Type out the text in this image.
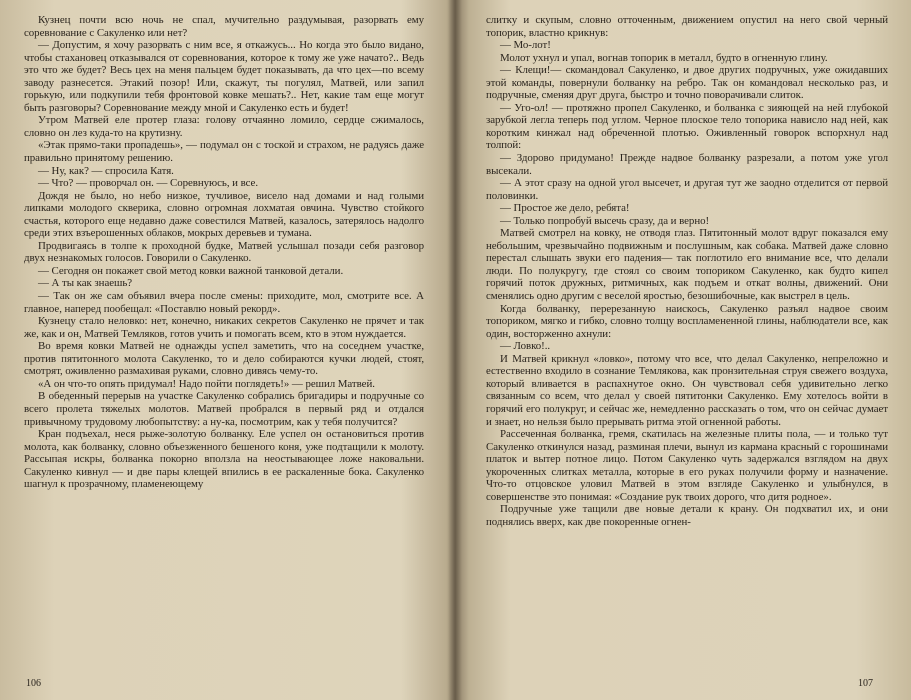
Кузнец почти всю ночь не спал, мучительно раздумывая, разорвать ему соревнование с Сакуленко или нет?

— Допустим, я хочу разорвать с ним все, я откажусь... Но когда это было видано, чтобы стахановец отказывался от соревнования, которое к тому же уже начато?.. Ведь это что же будет? Весь цех на меня пальцем будет показывать, да что цех—по всему заводу разнесется. Этакий позор! Или, скажут, ты погулял, Матвей, или запил горькую, или подкупили тебя фронтовой ковке мешать?.. Нет, какие там еще могут быть разговоры? Соревнование между мной и Сакуленко есть и будет!

Утром Матвей еле протер глаза: голову отчаянно ломило, сердце сжималось, словно он лез куда-то на крутизну.

«Этак прямо-таки пропадешь», — подумал он с тоской и страхом, не радуясь даже правильно принятому решению.

— Ну, как? — спросила Катя.

— Что? — проворчал он. — Соревнуюсь, и все.

Дождя не было, но небо низкое, тучливое, висело над домами и над голыми липками молодого скверика, словно огромная лохматая овчина. Чувство стойкого счастья, которого еще недавно даже совестился Матвей, казалось, затерялось надолго среди этих взъерошенных облаков, мокрых деревьев и тумана.

Продвигаясь в толпе к проходной будке, Матвей услышал позади себя разговор двух незнакомых голосов. Говорили о Сакуленко.

— Сегодня он покажет свой метод ковки важной танковой детали.

— А ты как знаешь?

— Так он же сам объявил вчера после смены: приходите, мол, смотрите все. А главное, наперед пообещал: «Поставлю новый рекорд».

Кузнецу стало неловко: нет, конечно, никаких секретов Сакуленко не прячет и так же, как и он, Матвей Темляков, готов учить и помогать всем, кто в этом нуждается.

Во время ковки Матвей не однажды успел заметить, что на соседнем участке, против пятитонного молота Сакуленко, то и дело собираются кучки людей, стоят, смотрят, оживленно размахивая руками, словно дивясь чему-то.

«А он что-то опять придумал! Надо пойти поглядеть!» — решил Матвей.

В обеденный перерыв на участке Сакуленко собрались бригадиры и подручные со всего пролета тяжелых молотов. Матвей пробрался в первый ряд и отдался привычному трудовому любопытству: а ну-ка, посмотрим, как у тебя получится?

Кран подъехал, неся рыже-золотую болванку. Еле успел он остановиться против молота, как болванку, словно объезженного бешеного коня, уже подтащили к молоту. Рассыпая искры, болванка покорно вползла на неостывающее ложе наковальни. Сакуленко кивнул — и две пары клещей впились в ее раскаленные бока. Сакуленко шагнул к прозрачному, пламенеющему

слитку и скупым, словно отточенным, движением опустил на него свой черный топорик, властно крикнув:

— Мо-лот!

Молот ухнул и упал, вогнав топорик в металл, будто в огненную глину.

— Клещи!— скомандовал Сакуленко, и двое других подручных, уже ожидавших этой команды, повернули болванку на ребро. Так он командовал несколько раз, и подручные, сменяя друг друга, быстро и точно поворачивали слиток.

— Уго-ол! — протяжно пропел Сакуленко, и болванка с зияющей на ней глубокой зарубкой легла теперь под углом. Черное плоское тело топорика нависло над ней, как коротким кинжал над обреченной плотью. Оживленный говорок вспорхнул над толпой:

— Здорово придумано! Прежде надвое болванку разрезали, а потом уже угол высекали.

— А этот сразу на одной угол высечет, и другая тут же заодно отделится от первой половинки.

— Простое же дело, ребята!

— Только попробуй высечь сразу, да и верно!

Матвей смотрел на ковку, не отводя глаз. Пятитонный молот вдруг показался ему небольшим, чрезвычайно подвижным и послушным, как собака. Матвей даже словно перестал слышать звуки его падения— так поглотило его внимание все, что делали люди. По полукругу, где стоял со своим топориком Сакуленко, как будто кипел горячий поток дружных, ритмичных, как подъем и откат волны, движений. Они сменялись одно другим с веселой яростью, безошибочные, как выстрел в цель.

Когда болванку, перерезанную наискось, Сакуленко разъял надвое своим топориком, мягко и гибко, словно толщу воспламененной глины, наблюдатели все, как один, восторженно ахнули:

— Ловко!..

И Матвей крикнул «ловко», потому что все, что делал Сакуленко, непреложно и естественно входило в сознание Темлякова, как пронзительная струя свежего воздуха, который вливается в распахнутое окно. Он чувствовал себя удивительно легко связанным со всем, что делал у своей пятитонки Сакуленко. Ему хотелось войти в горячий его полукруг, и сейчас же, немедленно рассказать о том, что он сейчас думает и знает, но нельзя было прерывать ритма этой огненной работы.

Рассеченная болванка, гремя, скатилась на железные плиты пола, — и только тут Сакуленко откинулся назад, разминая плечи, вынул из кармана красный с горошинами платок и вытер потное лицо. Потом Сакуленко чуть задержался взглядом на двух укороченных слитках металла, которые в его руках получили форму и назначение. Что-то отцовское уловил Матвей в этом взгляде Сакуленко и улыбнулся, в совершенстве это понимая: «Создание рук твоих дорого, что дитя родное».

Подручные уже тащили две новые детали к крану. Он подхватил их, и они поднялись вверх, как две покоренные огнен-

106	107
